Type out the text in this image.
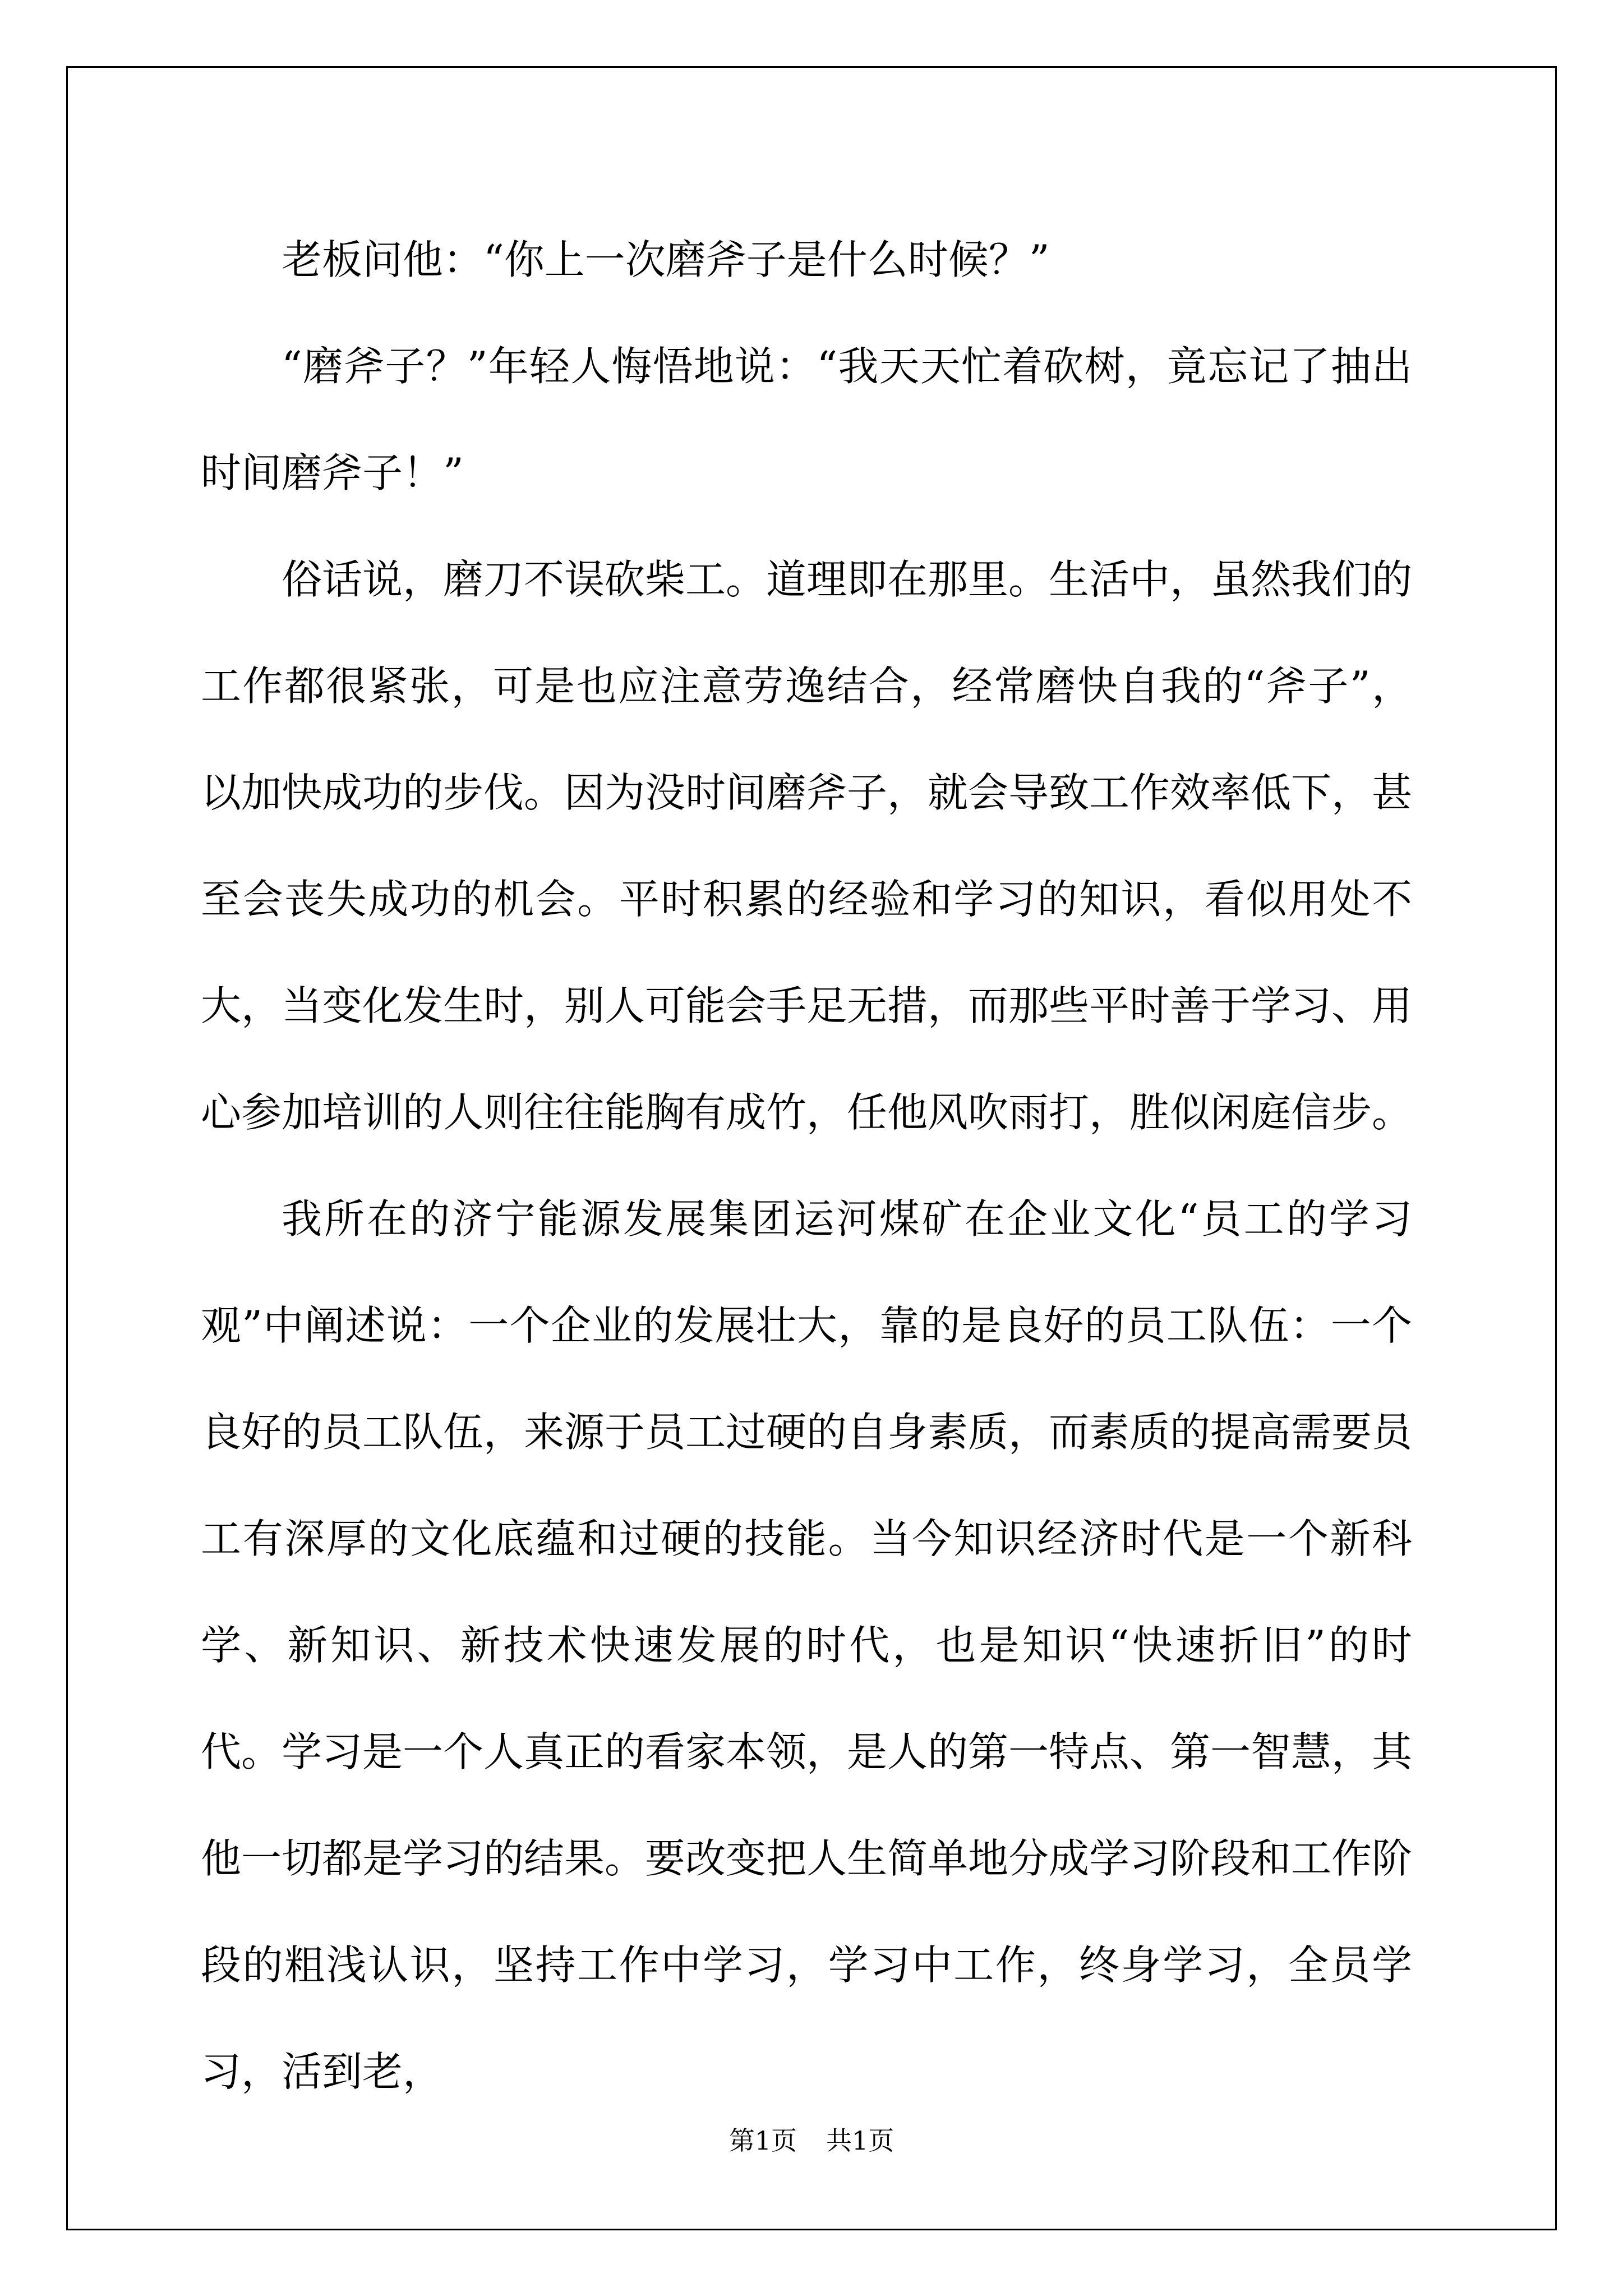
老板问他：“你上一次磨斧子是什么时候？”

“磨斧子？”年轻人悔悟地说：“我天天忙着砍树，竟忘记了抽出时间磨斧子！”

俗话说，磨刀不误砍柴工。道理即在那里。生活中，虽然我们的工作都很紧张，可是也应注意劳逸结合，经常磨快自我的“斧子”，以加快成功的步伐。因为没时间磨斧子，就会导致工作效率低下，甚至会丧失成功的机会。平时积累的经验和学习的知识，看似用处不大，当变化发生时，别人可能会手足无措，而那些平时善于学习、用心参加培训的人则往往能胸有成竹，任他风吹雨打，胜似闲庭信步。

我所在的济宁能源发展集团运河煤矿在企业文化“员工的学习观”中阐述说：一个企业的发展壮大，靠的是良好的员工队伍：一个良好的员工队伍，来源于员工过硬的自身素质，而素质的提高需要员工有深厚的文化底蕴和过硬的技能。当今知识经济时代是一个新科学、新知识、新技术快速发展的时代，也是知识“快速折旧”的时代。学习是一个人真正的看家本领，是人的第一特点、第一智慧，其他一切都是学习的结果。要改变把人生简单地分成学习阶段和工作阶段的粗浅认识，坚持工作中学习，学习中工作，终身学习，全员学习，活到老，

第1页 共1页
